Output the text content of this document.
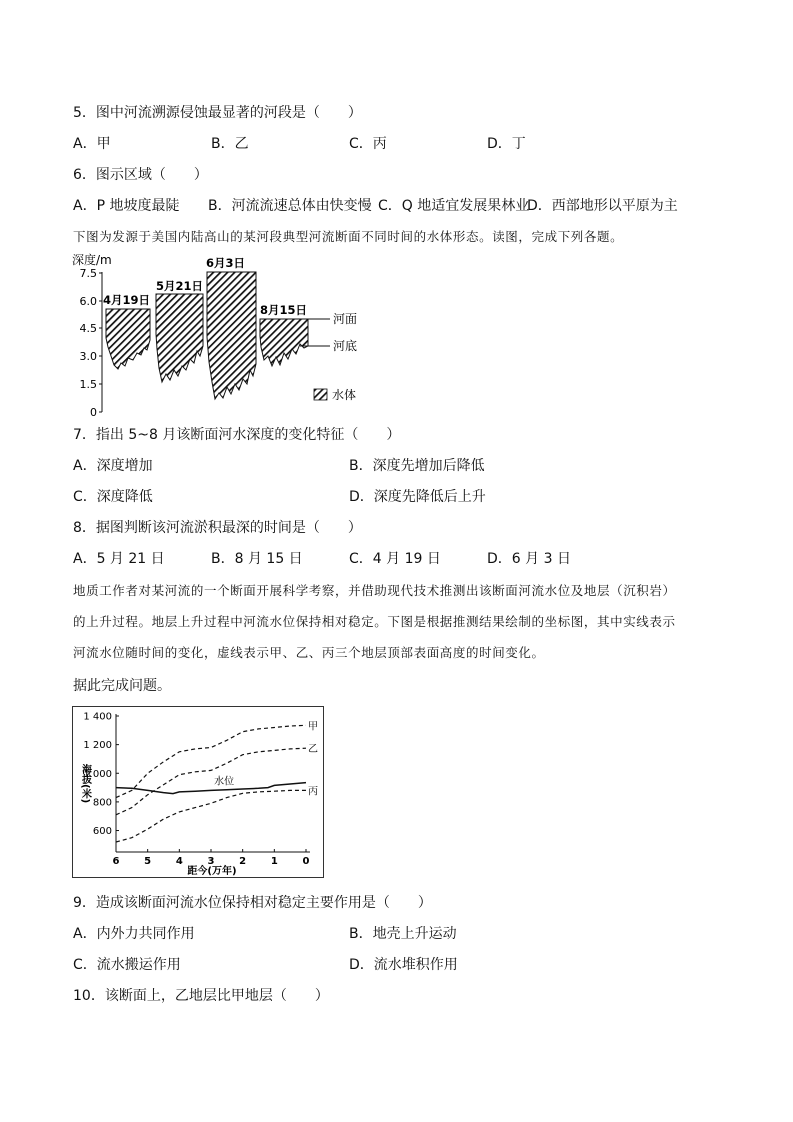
5．图中河流溯源侵蚀最显著的河段是（　　）
A．甲	B．乙	C．丙	D．丁
6．图示区域（　　）
A．P 地坡度最陡 B．河流流速总体由快变慢 C．Q 地适宜发展果林业
D．西部地形以平原为主
下图为发源于美国内陆高山的某河段典型河流断面不同时间的水体形态。读图，完成下列各题。
深度/m
7.5
6.0
4.5
3.0
1.5
0
4月19日
5月21日
6月3日
8月15日
河面
河底
水体
7．指出 5~8 月该断面河水深度的变化特征（　　）
A．深度增加	B．深度先增加后降低
C．深度降低	D．深度先降低后上升
8．据图判断该河流淤积最深的时间是（　　）
A．5 月 21 日	B．8 月 15 日	C．4 月 19 日	D．6 月 3 日
地质工作者对某河流的一个断面开展科学考察，并借助现代技术推测出该断面河流水位及地层（沉积岩）
的上升过程。地层上升过程中河流水位保持相对稳定。下图是根据推测结果绘制的坐标图，其中实线表示
河流水位随时间的变化，虚线表示甲、乙、丙三个地层顶部表面高度的时间变化。
据此完成问题。
海拔(米)
距今(万年)
1 400
1 200
1 000
800
600
6 5 4 3 2 1 0
甲
乙
水位
丙
9．造成该断面河流水位保持相对稳定主要作用是（　　）
A．内外力共同作用	B．地壳上升运动
C．流水搬运作用	D．流水堆积作用
10．该断面上，乙地层比甲地层（　　）
